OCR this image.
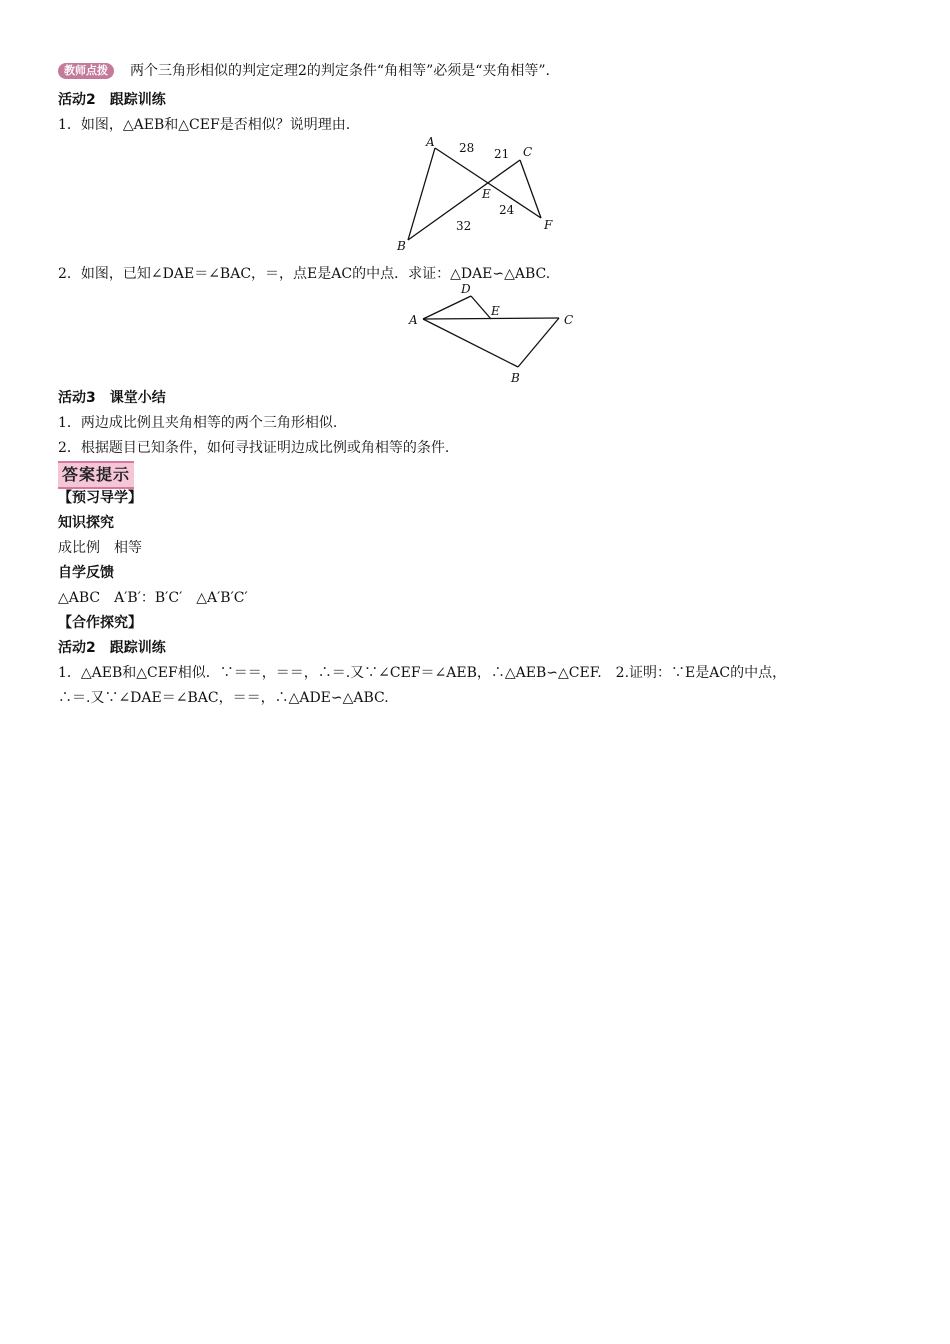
教师点拨 两个三角形相似的判定定理2的判定条件“角相等”必须是“夹角相等”.
活动2　跟踪训练
1．如图，△AEB和△CEF是否相似？说明理由.
A
B
C
E
F
28 21
24
32
2．如图，已知∠DAE＝∠BAC，＝，点E是AC的中点．求证：△DAE∽△ABC.
A
D
E
C
B
活动3　课堂小结
1．两边成比例且夹角相等的两个三角形相似.
2．根据题目已知条件，如何寻找证明边成比例或角相等的条件.
答案提示
【预习导学】
知识探究
成比例　相等
自学反馈
△ABC　A′B′：B′C′　△A′B′C′
【合作探究】
活动2　跟踪训练
1．△AEB和△CEF相似．∵＝＝，＝＝，∴＝.又∵∠CEF＝∠AEB，∴△AEB∽△CEF.　2.证明：∵E是AC的中点，
∴＝.又∵∠DAE＝∠BAC，＝＝，∴△ADE∽△ABC.
